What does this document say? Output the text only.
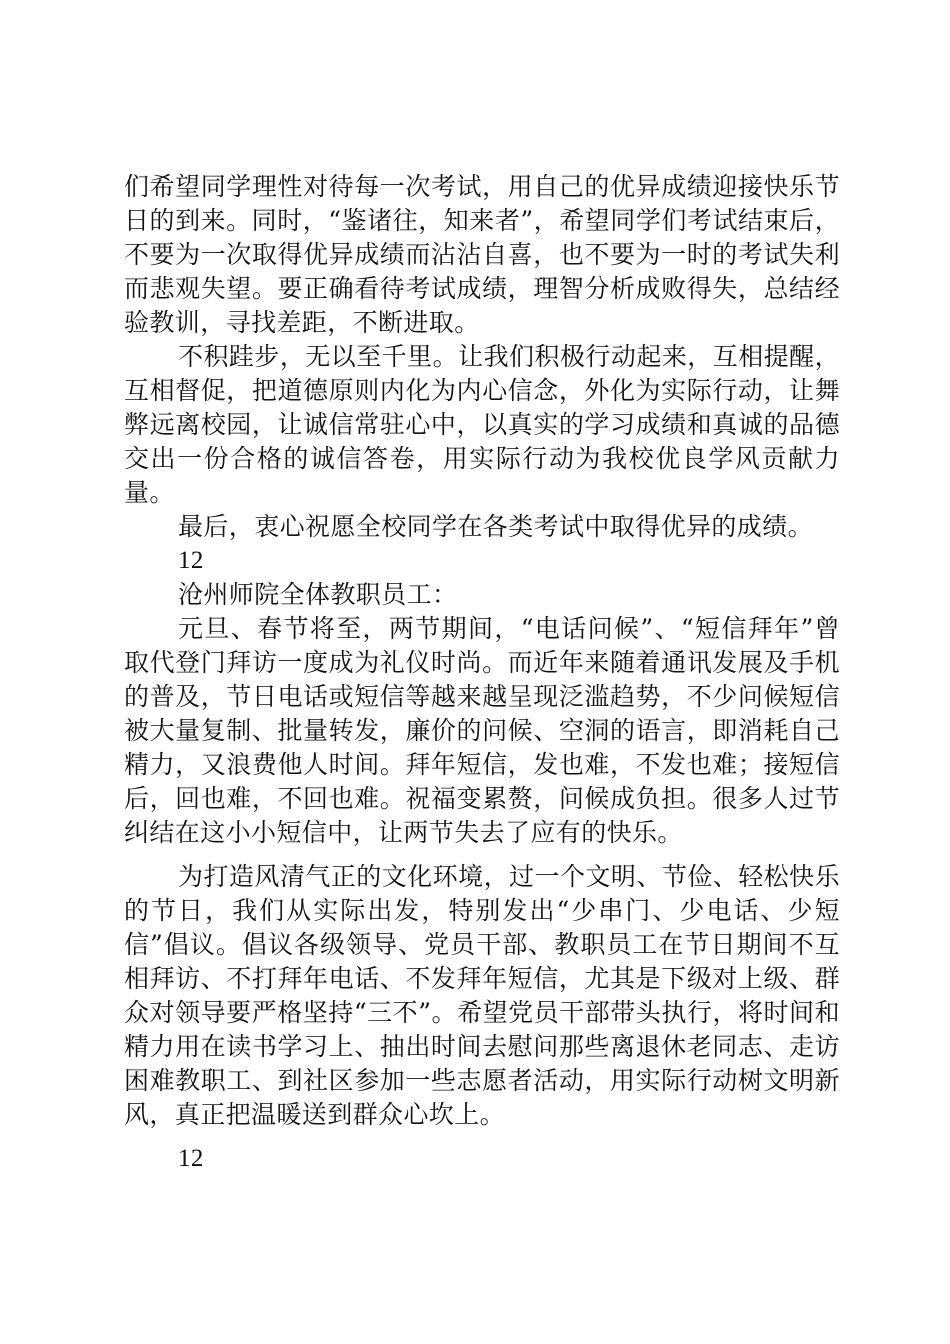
们希望同学理性对待每一次考试，用自己的优异成绩迎接快乐节日的到来。同时，“鉴诸往，知来者”，希望同学们考试结束后，不要为一次取得优异成绩而沾沾自喜，也不要为一时的考试失利而悲观失望。要正确看待考试成绩，理智分析成败得失，总结经验教训，寻找差距，不断进取。

不积跬步，无以至千里。让我们积极行动起来，互相提醒，互相督促，把道德原则内化为内心信念，外化为实际行动，让舞弊远离校园，让诚信常驻心中，以真实的学习成绩和真诚的品德交出一份合格的诚信答卷，用实际行动为我校优良学风贡献力量。

最后，衷心祝愿全校同学在各类考试中取得优异的成绩。

12

沧州师院全体教职员工：

元旦、春节将至，两节期间，“电话问候”、“短信拜年”曾取代登门拜访一度成为礼仪时尚。而近年来随着通讯发展及手机的普及，节日电话或短信等越来越呈现泛滥趋势，不少问候短信被大量复制、批量转发，廉价的问候、空洞的语言，即消耗自己精力，又浪费他人时间。拜年短信，发也难，不发也难；接短信后，回也难，不回也难。祝福变累赘，问候成负担。很多人过节纠结在这小小短信中，让两节失去了应有的快乐。

为打造风清气正的文化环境，过一个文明、节俭、轻松快乐的节日，我们从实际出发，特别发出“少串门、少电话、少短信”倡议。倡议各级领导、党员干部、教职员工在节日期间不互相拜访、不打拜年电话、不发拜年短信，尤其是下级对上级、群众对领导要严格坚持“三不”。希望党员干部带头执行，将时间和精力用在读书学习上、抽出时间去慰问那些离退休老同志、走访困难教职工、到社区参加一些志愿者活动，用实际行动树文明新风，真正把温暖送到群众心坎上。

12
